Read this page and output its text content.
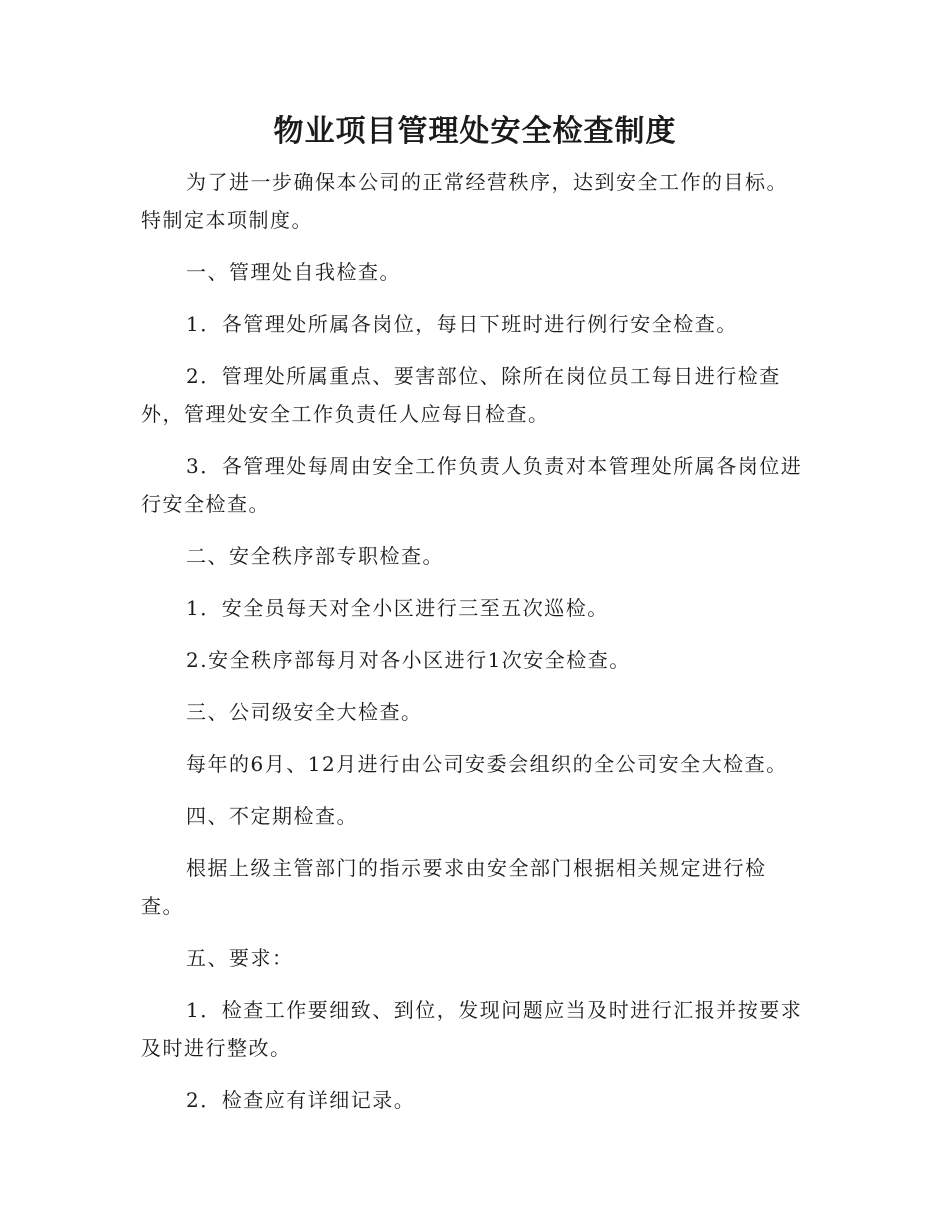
物业项目管理处安全检查制度

为了进一步确保本公司的正常经营秩序，达到安全工作的目标。特制定本项制度。

一、管理处自我检查。

1．各管理处所属各岗位，每日下班时进行例行安全检查。

2．管理处所属重点、要害部位、除所在岗位员工每日进行检查外，管理处安全工作负责任人应每日检查。

3．各管理处每周由安全工作负责人负责对本管理处所属各岗位进行安全检查。

二、安全秩序部专职检查。

1．安全员每天对全小区进行三至五次巡检。

2.安全秩序部每月对各小区进行1次安全检查。

三、公司级安全大检查。

每年的6月、12月进行由公司安委会组织的全公司安全大检查。

四、不定期检查。

根据上级主管部门的指示要求由安全部门根据相关规定进行检查。

五、要求：

1．检查工作要细致、到位，发现问题应当及时进行汇报并按要求及时进行整改。

2．检查应有详细记录。
